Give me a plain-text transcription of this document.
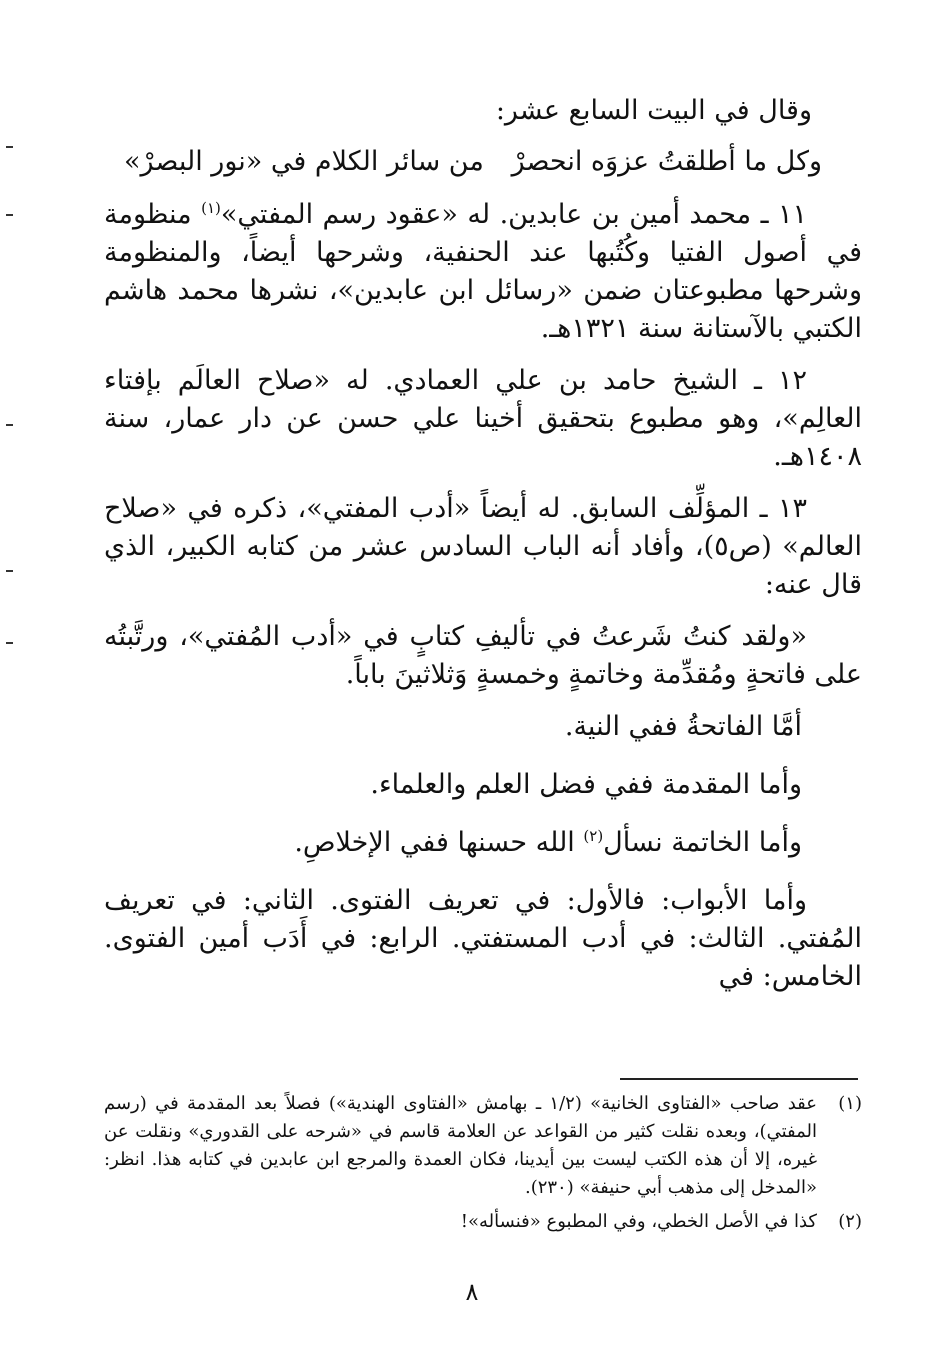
وقال في البيت السابع عشر:

وكل ما أطلقتُ عزوَه انحصرْ
من سائر الكلام في «نور البصرْ»

١١ ـ محمد أمين بن عابدين. له «عقود رسم المفتي»$^{(١)}$ منظومة في أصول الفتيا وكُتُبها عند الحنفية، وشرحها أيضاً، والمنظومة وشرحها مطبوعتان ضمن «رسائل ابن عابدين»، نشرها محمد هاشم الكتبي بالآستانة سنة ١٣٢١هـ.

١٢ ـ الشيخ حامد بن علي العمادي. له «صلاح العالَم بإفتاء العالِم»، وهو مطبوع بتحقيق أخينا علي حسن عن دار عمار، سنة ١٤٠٨هـ.

١٣ ـ المؤلِّف السابق. له أيضاً «أدب المفتي»، ذكره في «صلاح العالم» (ص٥)، وأفاد أنه الباب السادس عشر من كتابه الكبير، الذي قال عنه:

«ولقد كنتُ شَرعتُ في تأليفِ كتابٍ في «أدب المُفتي»، ورتَّبتُه على فاتحةٍ ومُقدِّمة وخاتمةٍ وخمسةٍ وَثلاثينَ باباً.

أمَّا الفاتحةُ ففي النية.

وأما المقدمة ففي فضل العلم والعلماء.

وأما الخاتمة نسأل$^{(٢)}$ الله حسنها ففي الإخلاصِ.

وأما الأبواب: فالأول: في تعريف الفتوى. الثاني: في تعريف المُفتي. الثالث: في أدب المستفتي. الرابع: في أَدَب أمين الفتوى. الخامس: في

(١)
عقد صاحب «الفتاوى الخانية» (١/٢ ـ بهامش «الفتاوى الهندية») فصلاً بعد المقدمة في (رسم المفتي)، وبعده نقلت كثير من القواعد عن العلامة قاسم في «شرحه على القدوري» ونقلت عن غيره، إلا أن هذه الكتب ليست بين أيدينا، فكان العمدة والمرجع ابن عابدين في كتابه هذا. انظر: «المدخل إلى مذهب أبي حنيفة» (٢٣٠).
(٢)
كذا في الأصل الخطي، وفي المطبوع «فنسأله»!
٨
